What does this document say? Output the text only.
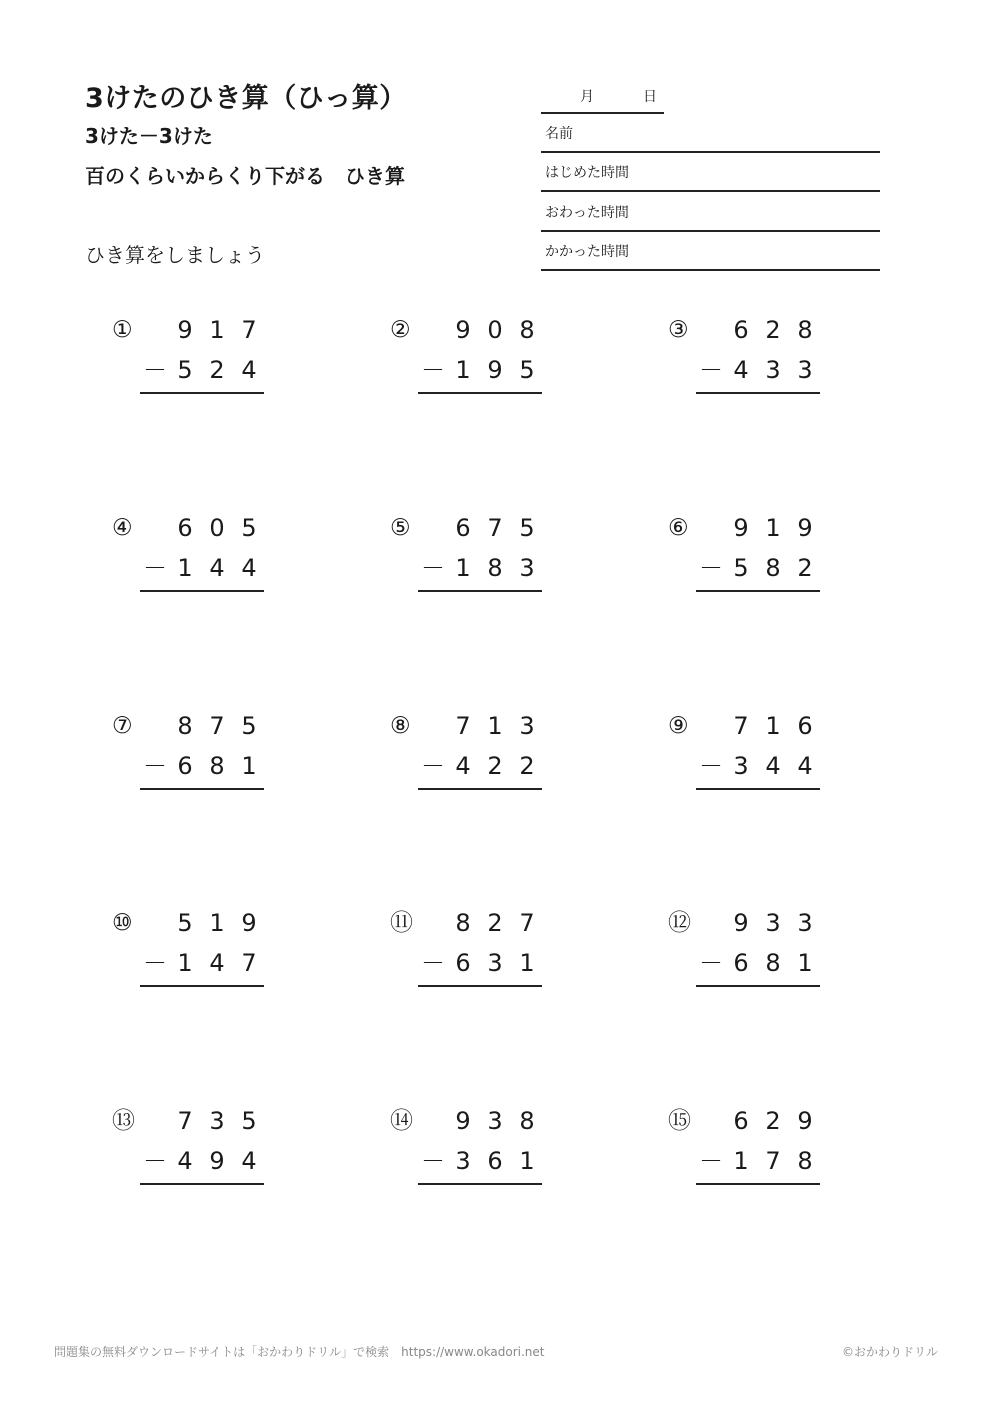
3けたのひき算（ひっ算）
3けた－3けた
百のくらいからくり下がる　ひき算
ひき算をしましょう
月	日
名前
はじめた時間
おわった時間
かかった時間
①	9 1 7
－ 5 2 4
②	9 0 8
－ 1 9 5
③	6 2 8
－ 4 3 3
④	6 0 5
－ 1 4 4
⑤	6 7 5
－ 1 8 3
⑥	9 1 9
－ 5 8 2
⑦	8 7 5
－ 6 8 1
⑧	7 1 3
－ 4 2 2
⑨	7 1 6
－ 3 4 4
⑩	5 1 9
－ 1 4 7
⑪	8 2 7
－ 6 3 1
⑫	9 3 3
－ 6 8 1
⑬	7 3 5
－ 4 9 4
⑭	9 3 8
－ 3 6 1
⑮	6 2 9
－ 1 7 8
問題集の無料ダウンロードサイトは「おかわりドリル」で検索　https://www.okadori.net	©おかわりドリル
